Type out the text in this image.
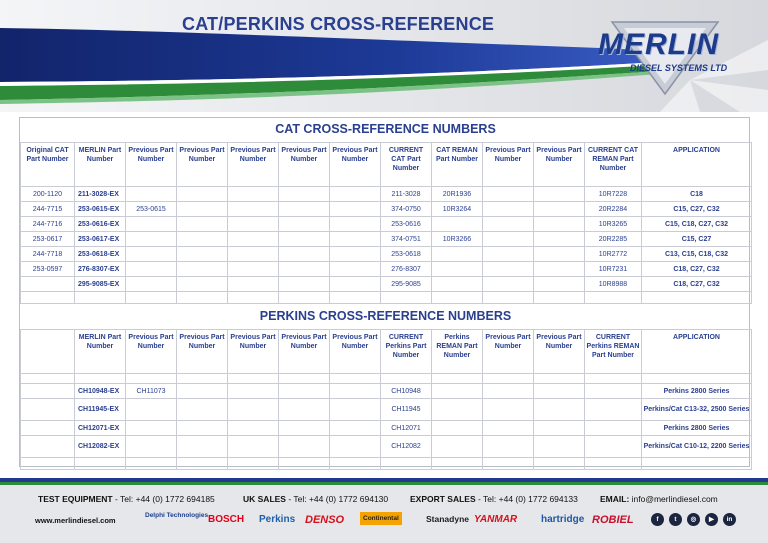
CAT/PERKINS CROSS-REFERENCE
MERLIN
DIESEL SYSTEMS LTD
CAT CROSS-REFERENCE NUMBERS
Original CAT Part Number	MERLIN Part Number	Previous Part Number	Previous Part Number	Previous Part Number	Previous Part Number	Previous Part Number	CURRENT CAT Part Number	CAT REMAN Part Number	Previous Part Number	Previous Part Number	CURRENT CAT REMAN Part Number	APPLICATION
200-1120	211-3028-EX						211-3028	20R1936			10R7228	C18
244-7715	253-0615-EX	253-0615					374-0750	10R3264			20R2284	C15, C27, C32
244-7716	253-0616-EX						253-0616				10R3265	C15, C18, C27, C32
253-0617	253-0617-EX						374-0751	10R3266			20R2285	C15, C27
244-7718	253-0618-EX						253-0618				10R2772	C13, C15, C18, C32
253-0597	276-8307-EX						276-8307				10R7231	C18, C27, C32
	295-9085-EX						295-9085				10R8988	C18, C27, C32

PERKINS CROSS-REFERENCE NUMBERS
	MERLIN Part Number	Previous Part Number	Previous Part Number	Previous Part Number	Previous Part Number	Previous Part Number	CURRENT Perkins Part Number	Perkins REMAN Part Number	Previous Part Number	Previous Part Number	CURRENT Perkins REMAN Part Number	APPLICATION

	CH10948-EX	CH11073					CH10948					Perkins 2800 Series
	CH11945-EX						CH11945					Perkins/Cat C13-32, 2500 Series
	CH12071-EX						CH12071					Perkins 2800 Series
	CH12082-EX						CH12082					Perkins/Cat C10-12, 2200 Series

TEST EQUIPMENT - Tel: +44 (0) 1772 694185	UK SALES - Tel: +44 (0) 1772 694130	EXPORT SALES - Tel: +44 (0) 1772 694133	EMAIL: info@merlindiesel.com
www.merlindiesel.com
Delphi Technologies BOSCH Perkins DENSO	Continental	Stanadyne YANMAR hartridge ROBIEL	f	t	◎	▶	in
